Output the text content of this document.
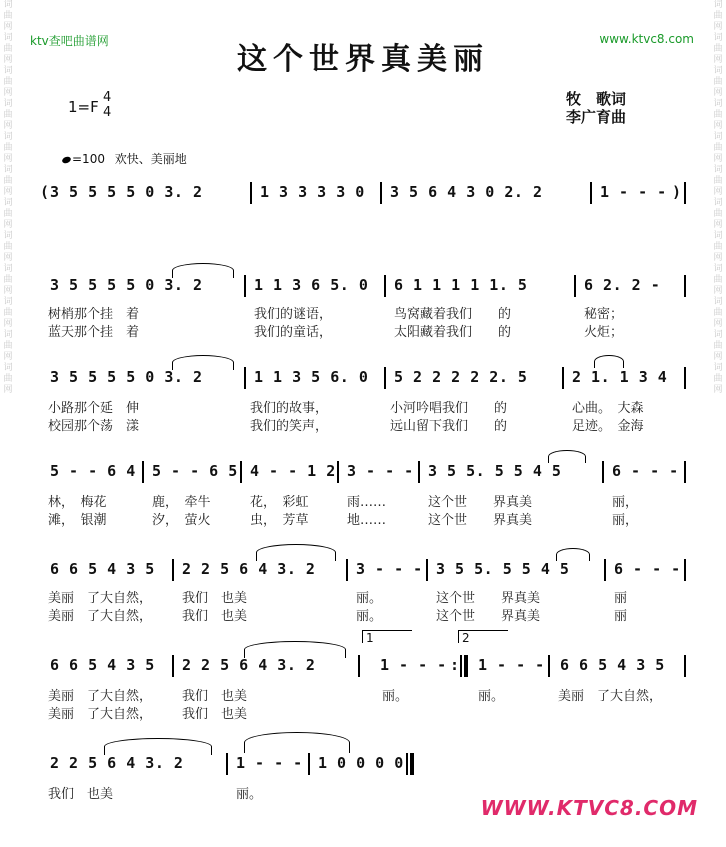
词曲网词曲网词曲网词曲网词曲网词曲网词曲网词曲网词曲网词曲网词曲网词曲网
词曲网词曲网词曲网词曲网词曲网词曲网词曲网词曲网词曲网词曲网词曲网词曲网
ktv查吧曲谱网	www.ktvc8.com
这个世界真美丽
1=F
4
4
牧　歌词
李广育曲
=100 欢快、美丽地
( 3 5 5 5 5 0 3. 2	1 3 3 3 3 0 3 5 6 4 3 0 2. 2	1 - - - )
3 5 5 5 5 0 3. 2	1 1 3 6 5. 0 6 1 1 1 1 1. 5	6 2. 2 -
树梢那个挂　着	我们的谜语，	鸟窝藏着我们　　的	秘密；
蓝天那个挂　着	我们的童话，	太阳藏着我们　　的	火炬；
3 5 5 5 5 0 3. 2	1 1 3 5 6. 0 5 2 2 2 2 2. 5	2 1. 1 3 4
小路那个延　伸	我们的故事，	小河吟唱我们　　的	心曲。　大森
校园那个荡　漾	我们的笑声，	远山留下我们　　的	足迹。　金海
5 - - 6 4 5 - - 6 5 4 - - 1 2 3 - - - 3 5 5. 5 5 4 5	6 - - -
林，　梅花	鹿，　牵牛	花，　彩虹	雨……	这个世　　界真美	丽，
滩，　银潮	汐，　萤火	虫，　芳草	地……	这个世　　界真美	丽，
6 6 5 4 3 5 2 2 5 6 4 3. 2	3 - - - 3 5 5. 5 5 4 5	6 - - -
美丽　了大自然， 我们　也美	丽。	这个世　　界真美	丽
美丽　了大自然， 我们　也美	丽。	这个世　　界真美	丽
1	2
6 6 5 4 3 5 2 2 5 6 4 3. 2	1 - - - : 1 - - - 6 6 5 4 3 5
美丽　了大自然， 我们　也美	丽。	丽。	美丽　了大自然，
美丽　了大自然， 我们　也美
2 2 5 6 4 3. 2	1 - - - 1 0 0 0 0
我们　也美	丽。
WWW.KTVC8.COM
